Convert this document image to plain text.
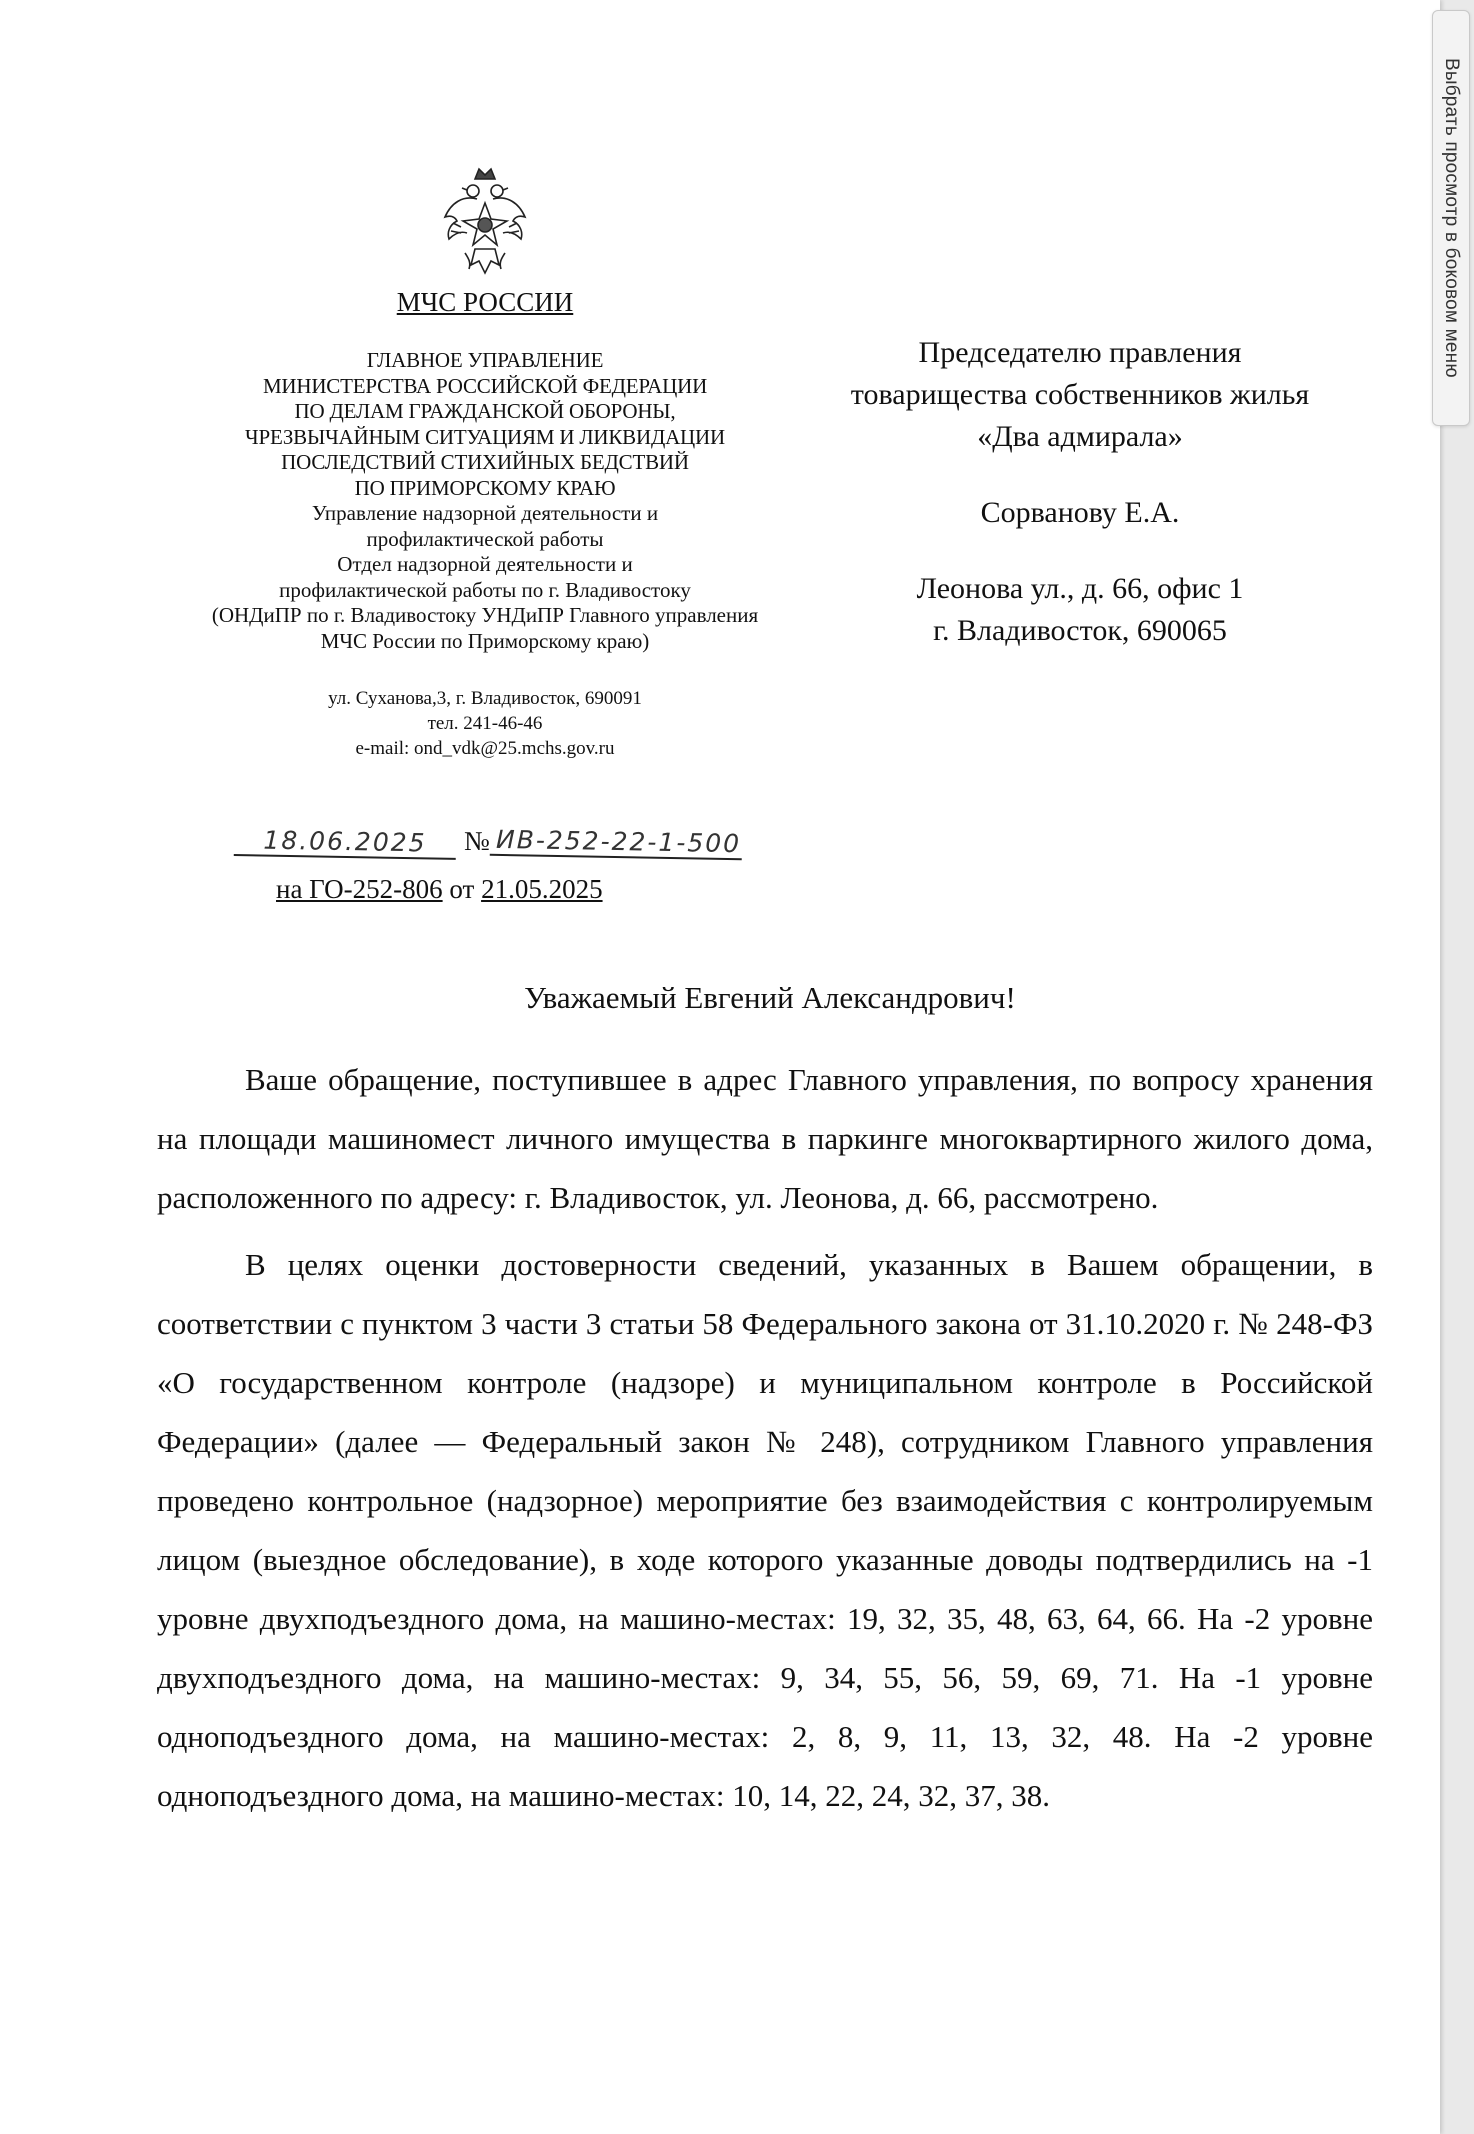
МЧС РОССИИ
ГЛАВНОЕ УПРАВЛЕНИЕ
МИНИСТЕРСТВА РОССИЙСКОЙ ФЕДЕРАЦИИ
ПО ДЕЛАМ ГРАЖДАНСКОЙ ОБОРОНЫ,
ЧРЕЗВЫЧАЙНЫМ СИТУАЦИЯМ И ЛИКВИДАЦИИ
ПОСЛЕДСТВИЙ СТИХИЙНЫХ БЕДСТВИЙ
ПО ПРИМОРСКОМУ КРАЮ
Управление надзорной деятельности и
профилактической работы
Отдел надзорной деятельности и
профилактической работы по г. Владивостоку
(ОНДиПР по г. Владивостоку УНДиПР Главного управления
МЧС России по Приморскому краю)
ул. Суханова,3, г. Владивосток, 690091
тел. 241-46-46
e-mail: ond_vdk@25.mchs.gov.ru
Председателю правления
товарищества собственников жилья
«Два адмирала»
Сорванову Е.А.
Леонова ул., д. 66, офис 1
г. Владивосток, 690065
18.06.2025 № ИВ-252-22-1-500
на ГО-252-806 от 21.05.2025
Уважаемый Евгений Александрович!

Ваше обращение, поступившее в адрес Главного управления, по вопросу хранения на площади машиномест личного имущества в паркинге многоквартирного жилого дома, расположенного по адресу: г. Владивосток, ул. Леонова, д. 66, рассмотрено.

В целях оценки достоверности сведений, указанных в Вашем обращении, в соответствии с пунктом 3 части 3 статьи 58 Федерального закона от 31.10.2020 г. № 248-ФЗ «О государственном контроле (надзоре) и муниципальном контроле в Российской Федерации» (далее — Федеральный закон № 248), сотрудником Главного управления проведено контрольное (надзорное) мероприятие без взаимодействия с контролируемым лицом (выездное обследование), в ходе которого указанные доводы подтвердились на -1 уровне двухподъездного дома, на машино-местах: 19, 32, 35, 48, 63, 64, 66. На -2 уровне двухподъездного дома, на машино-местах: 9, 34, 55, 56, 59, 69, 71. На -1 уровне одноподъездного дома, на машино-местах: 2, 8, 9, 11, 13, 32, 48. На -2 уровне одноподъездного дома, на машино-местах: 10, 14, 22, 24, 32, 37, 38.

Выбрать просмотр в боковом меню
